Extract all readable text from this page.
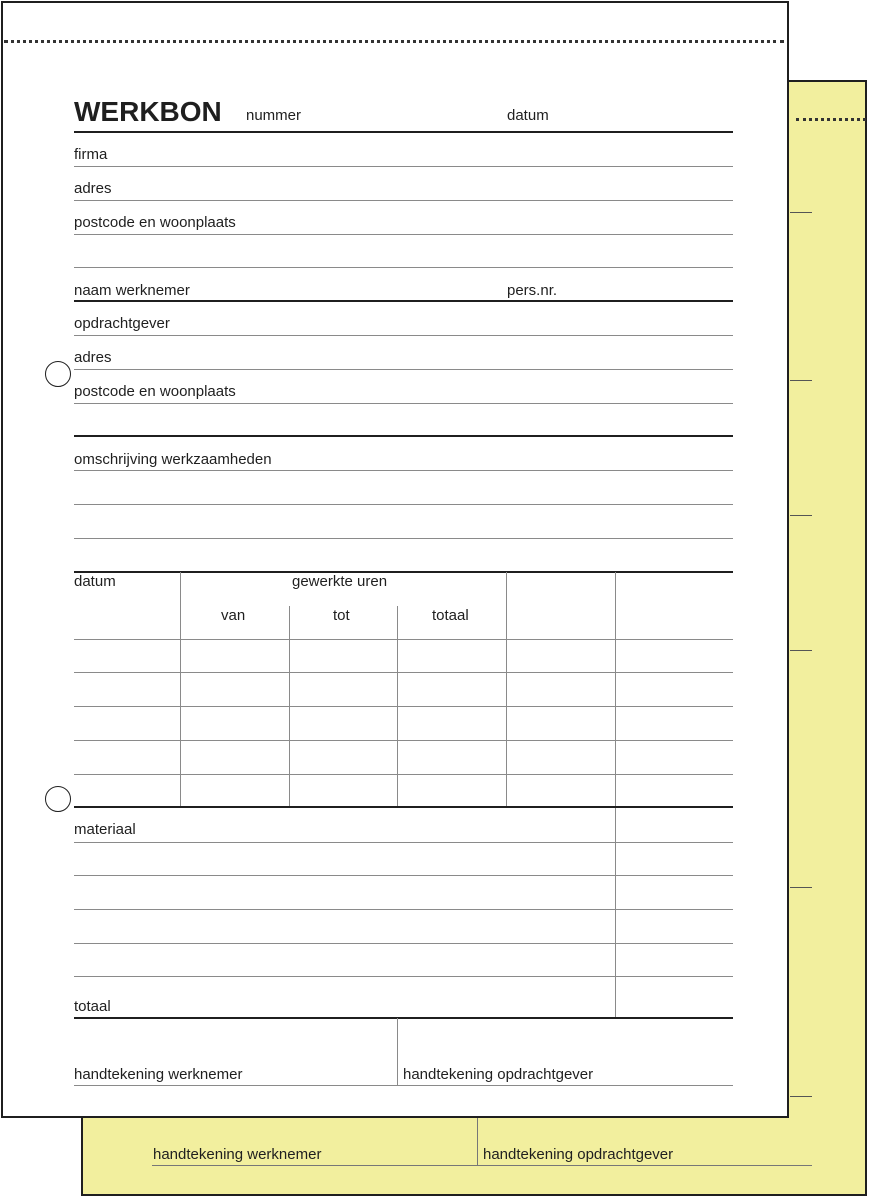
handtekening werknemer	handtekening opdrachtgever
WERKBON nummer	datum
firma
adres
postcode en woonplaats
naam werknemer	pers.nr.
opdrachtgever
adres
postcode en woonplaats
omschrijving werkzaamheden
datum	gewerkte uren
van	tot	totaal
materiaal
totaal
handtekening werknemer	handtekening opdrachtgever
